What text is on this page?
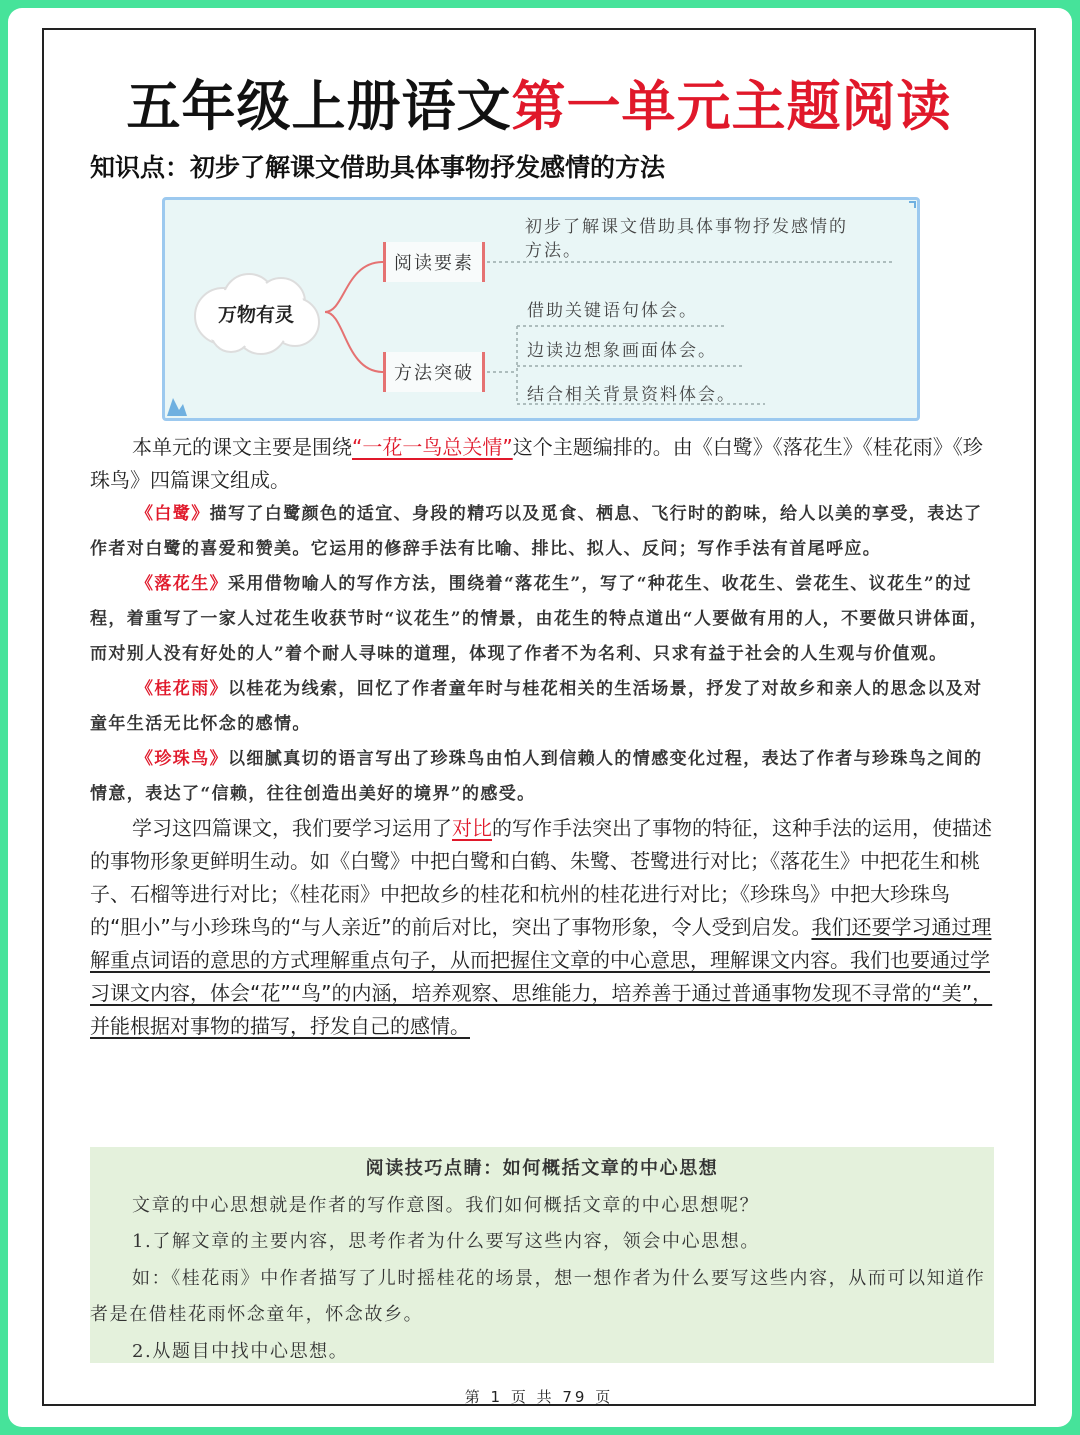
五年级上册语文第一单元主题阅读
知识点：初步了解课文借助具体事物抒发感情的方法
万物有灵
阅读要素
初步了解课文借助具体事物抒发感情的
方法。
方法突破
借助关键语句体会。
边读边想象画面体会。
结合相关背景资料体会。

本单元的课文主要是围绕“一花一鸟总关情”这个主题编排的。由《白鹭》《落花生》《桂花雨》《珍珠鸟》四篇课文组成。

《白鹭》描写了白鹭颜色的适宜、身段的精巧以及觅食、栖息、飞行时的韵味，给人以美的享受，表达了作者对白鹭的喜爱和赞美。它运用的修辞手法有比喻、排比、拟人、反问；写作手法有首尾呼应。

《落花生》采用借物喻人的写作方法，围绕着“落花生”，写了“种花生、收花生、尝花生、议花生”的过程，着重写了一家人过花生收获节时“议花生”的情景，由花生的特点道出“人要做有用的人，不要做只讲体面，而对别人没有好处的人”着个耐人寻味的道理，体现了作者不为名利、只求有益于社会的人生观与价值观。

《桂花雨》以桂花为线索，回忆了作者童年时与桂花相关的生活场景，抒发了对故乡和亲人的思念以及对童年生活无比怀念的感情。

《珍珠鸟》以细腻真切的语言写出了珍珠鸟由怕人到信赖人的情感变化过程，表达了作者与珍珠鸟之间的情意，表达了“信赖，往往创造出美好的境界”的感受。

学习这四篇课文，我们要学习运用了对比的写作手法突出了事物的特征，这种手法的运用，使描述的事物形象更鲜明生动。如《白鹭》中把白鹭和白鹤、朱鹭、苍鹭进行对比；《落花生》中把花生和桃子、石榴等进行对比；《桂花雨》中把故乡的桂花和杭州的桂花进行对比；《珍珠鸟》中把大珍珠鸟的“胆小”与小珍珠鸟的“与人亲近”的前后对比，突出了事物形象，令人受到启发。我们还要学习通过理解重点词语的意思的方式理解重点句子，从而把握住文章的中心意思，理解课文内容。我们也要通过学习课文内容，体会“花”“鸟”的内涵，培养观察、思维能力，培养善于通过普通事物发现不寻常的“美”，并能根据对事物的描写，抒发自己的感情。

阅读技巧点睛：如何概括文章的中心思想

文章的中心思想就是作者的写作意图。我们如何概括文章的中心思想呢？

1.了解文章的主要内容，思考作者为什么要写这些内容，领会中心思想。

如：《桂花雨》中作者描写了儿时摇桂花的场景，想一想作者为什么要写这些内容，从而可以知道作者是在借桂花雨怀念童年，怀念故乡。

2.从题目中找中心思想。

第 1 页 共 79 页
